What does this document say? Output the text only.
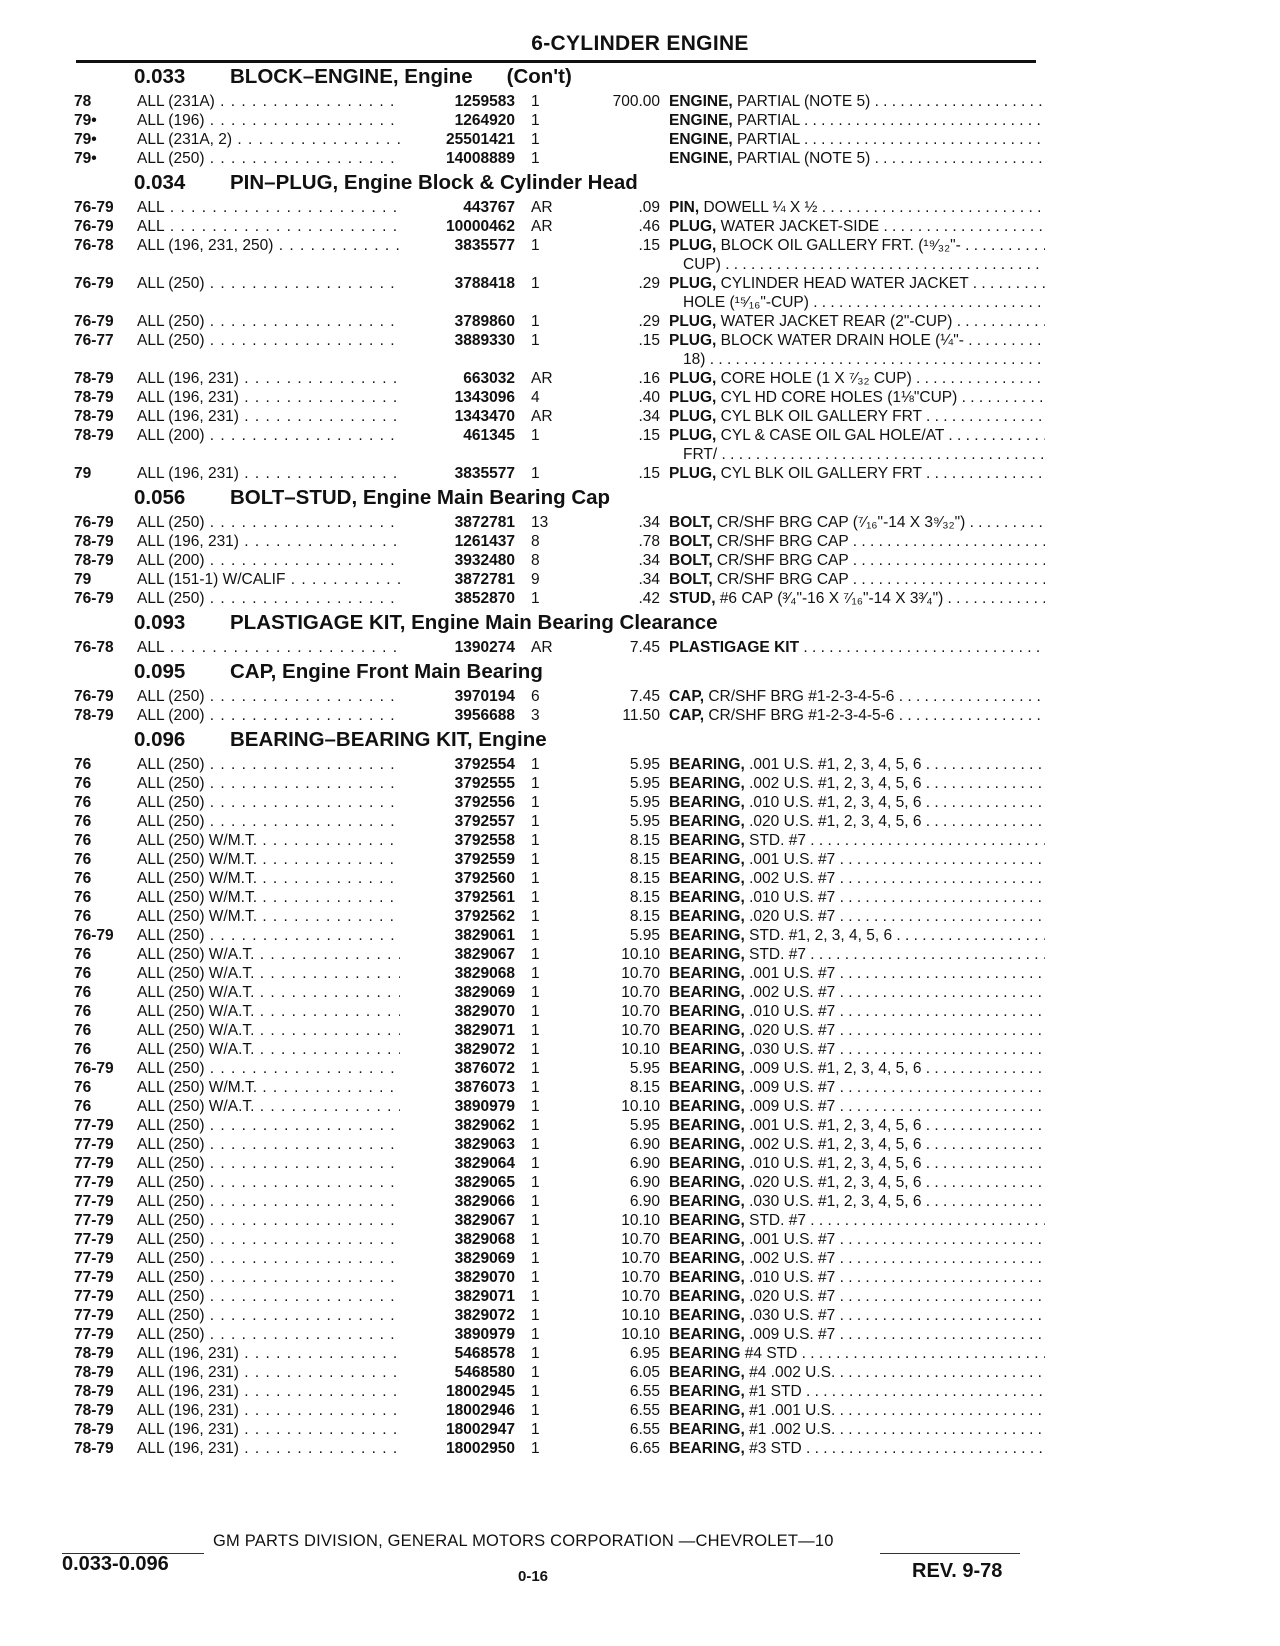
6-CYLINDER ENGINE
0.033	BLOCK–ENGINE, Engine (Con't)
78	ALL (231A) . . .	1259583 1	700.00 ENGINE, PARTIAL (NOTE 5) . . .
79•	ALL (196) . . .	1264920 1	ENGINE, PARTIAL . . .
79•	ALL (231A, 2) . . .	25501421 1	ENGINE, PARTIAL . . .
79•	ALL (250) . . .	14008889 1	ENGINE, PARTIAL (NOTE 5) . . .
0.034	PIN–PLUG, Engine Block & Cylinder Head
76-79 ALL . . .	443767 AR	.09 PIN, DOWELL ¼ X ½ . . .
76-79 ALL . . .	10000462 AR	.46 PLUG, WATER JACKET-SIDE . . .
76-78 ALL (196, 231, 250) . . .	3835577 1	.15 PLUG, BLOCK OIL GALLERY FRT. (¹⁹⁄₃₂"- . . .
CUP) . . .
76-79 ALL (250) . . .	3788418 1	.29 PLUG, CYLINDER HEAD WATER JACKET . . .
HOLE (¹⁵⁄₁₆"-CUP) . . .
76-79 ALL (250) . . .	3789860 1	.29 PLUG, WATER JACKET REAR (2"-CUP) . . .
76-77 ALL (250) . . .	3889330 1	.15 PLUG, BLOCK WATER DRAIN HOLE (¼"- . . .
18) . . .
78-79 ALL (196, 231) . . .	663032 AR	.16 PLUG, CORE HOLE (1 X ⁷⁄₃₂ CUP) . . .
78-79 ALL (196, 231) . . .	1343096 4	.40 PLUG, CYL HD CORE HOLES (1⅛"CUP) . . .
78-79 ALL (196, 231) . . .	1343470 AR	.34 PLUG, CYL BLK OIL GALLERY FRT . . .
78-79 ALL (200) . . .	461345 1	.15 PLUG, CYL & CASE OIL GAL HOLE/AT . . .
FRT/ . . .
79	ALL (196, 231) . . .	3835577 1	.15 PLUG, CYL BLK OIL GALLERY FRT . . .
0.056	BOLT–STUD, Engine Main Bearing Cap
76-79 ALL (250) . . .	3872781 13	.34 BOLT, CR/SHF BRG CAP (⁷⁄₁₆"-14 X 3⁹⁄₃₂") . . .
78-79 ALL (196, 231) . . .	1261437 8	.78 BOLT, CR/SHF BRG CAP . . .
78-79 ALL (200) . . .	3932480 8	.34 BOLT, CR/SHF BRG CAP . . .
79	ALL (151-1) W/CALIF . . .	3872781 9	.34 BOLT, CR/SHF BRG CAP . . .
76-79 ALL (250) . . .	3852870 1	.42 STUD, #6 CAP (³⁄₄"-16 X ⁷⁄₁₆"-14 X 3³⁄₄") . . .
0.093	PLASTIGAGE KIT, Engine Main Bearing Clearance
76-78 ALL . . .	1390274 AR	7.45 PLASTIGAGE KIT . . .
0.095	CAP, Engine Front Main Bearing
76-79 ALL (250) . . .	3970194 6	7.45 CAP, CR/SHF BRG #1-2-3-4-5-6 . . .
78-79 ALL (200) . . .	3956688 3	11.50 CAP, CR/SHF BRG #1-2-3-4-5-6 . . .
0.096	BEARING–BEARING KIT, Engine
76	ALL (250) . . .	3792554 1	5.95 BEARING, .001 U.S. #1, 2, 3, 4, 5, 6 . . .
76	ALL (250) . . .	3792555 1	5.95 BEARING, .002 U.S. #1, 2, 3, 4, 5, 6 . . .
76	ALL (250) . . .	3792556 1	5.95 BEARING, .010 U.S. #1, 2, 3, 4, 5, 6 . . .
76	ALL (250) . . .	3792557 1	5.95 BEARING, .020 U.S. #1, 2, 3, 4, 5, 6 . . .
76	ALL (250) W/M.T. . . .	3792558 1	8.15 BEARING, STD. #7 . . .
76	ALL (250) W/M.T. . . .	3792559 1	8.15 BEARING, .001 U.S. #7 . . .
76	ALL (250) W/M.T. . . .	3792560 1	8.15 BEARING, .002 U.S. #7 . . .
76	ALL (250) W/M.T. . . .	3792561 1	8.15 BEARING, .010 U.S. #7 . . .
76	ALL (250) W/M.T. . . .	3792562 1	8.15 BEARING, .020 U.S. #7 . . .
76-79 ALL (250) . . .	3829061 1	5.95 BEARING, STD. #1, 2, 3, 4, 5, 6 . . .
76	ALL (250) W/A.T. . . .	3829067 1	10.10 BEARING, STD. #7 . . .
76	ALL (250) W/A.T. . . .	3829068 1	10.70 BEARING, .001 U.S. #7 . . .
76	ALL (250) W/A.T. . . .	3829069 1	10.70 BEARING, .002 U.S. #7 . . .
76	ALL (250) W/A.T. . . .	3829070 1	10.70 BEARING, .010 U.S. #7 . . .
76	ALL (250) W/A.T. . . .	3829071 1	10.70 BEARING, .020 U.S. #7 . . .
76	ALL (250) W/A.T. . . .	3829072 1	10.10 BEARING, .030 U.S. #7 . . .
76-79 ALL (250) . . .	3876072 1	5.95 BEARING, .009 U.S. #1, 2, 3, 4, 5, 6 . . .
76	ALL (250) W/M.T. . . .	3876073 1	8.15 BEARING, .009 U.S. #7 . . .
76	ALL (250) W/A.T. . . .	3890979 1	10.10 BEARING, .009 U.S. #7 . . .
77-79 ALL (250) . . .	3829062 1	5.95 BEARING, .001 U.S. #1, 2, 3, 4, 5, 6 . . .
77-79 ALL (250) . . .	3829063 1	6.90 BEARING, .002 U.S. #1, 2, 3, 4, 5, 6 . . .
77-79 ALL (250) . . .	3829064 1	6.90 BEARING, .010 U.S. #1, 2, 3, 4, 5, 6 . . .
77-79 ALL (250) . . .	3829065 1	6.90 BEARING, .020 U.S. #1, 2, 3, 4, 5, 6 . . .
77-79 ALL (250) . . .	3829066 1	6.90 BEARING, .030 U.S. #1, 2, 3, 4, 5, 6 . . .
77-79 ALL (250) . . .	3829067 1	10.10 BEARING, STD. #7 . . .
77-79 ALL (250) . . .	3829068 1	10.70 BEARING, .001 U.S. #7 . . .
77-79 ALL (250) . . .	3829069 1	10.70 BEARING, .002 U.S. #7 . . .
77-79 ALL (250) . . .	3829070 1	10.70 BEARING, .010 U.S. #7 . . .
77-79 ALL (250) . . .	3829071 1	10.70 BEARING, .020 U.S. #7 . . .
77-79 ALL (250) . . .	3829072 1	10.10 BEARING, .030 U.S. #7 . . .
77-79 ALL (250) . . .	3890979 1	10.10 BEARING, .009 U.S. #7 . . .
78-79 ALL (196, 231) . . .	5468578 1	6.95 BEARING #4 STD . . .
78-79 ALL (196, 231) . . .	5468580 1	6.05 BEARING, #4 .002 U.S. . . .
78-79 ALL (196, 231) . . .	18002945 1	6.55 BEARING, #1 STD . . .
78-79 ALL (196, 231) . . .	18002946 1	6.55 BEARING, #1 .001 U.S. . . .
78-79 ALL (196, 231) . . .	18002947 1	6.55 BEARING, #1 .002 U.S. . . .
78-79 ALL (196, 231) . . .	18002950 1	6.65 BEARING, #3 STD . . .
GM PARTS DIVISION, GENERAL MOTORS CORPORATION —CHEVROLET—10
0.033-0.096
0-16	REV. 9-78
